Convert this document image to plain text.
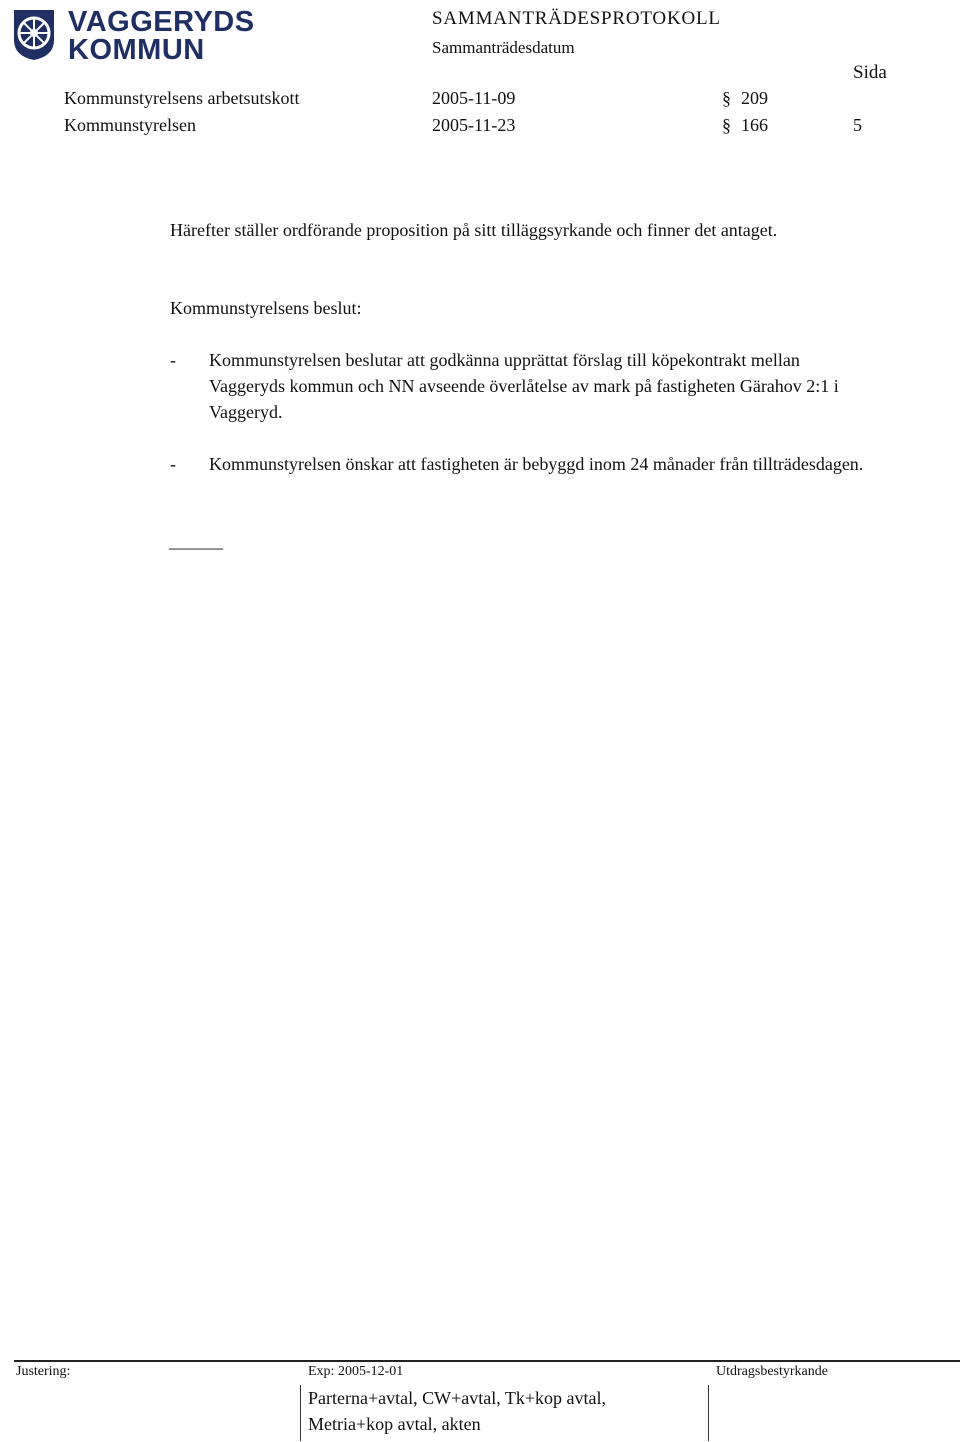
VAGGERYDS
KOMMUN
SAMMANTRÄDESPROTOKOLL
Sammanträdesdatum
Sida
Kommunstyrelsens arbetsutskott	2005-11-09	§ 209
Kommunstyrelsen	2005-11-23	§ 166	5
Härefter ställer ordförande proposition på sitt tilläggsyrkande och finner det antaget.
Kommunstyrelsens beslut:
- Kommunstyrelsen beslutar att godkänna upprättat förslag till köpekontrakt mellan Vaggeryds kommun och NN avseende överlåtelse av mark på fastigheten Gärahov 2:1 i Vaggeryd.
- Kommunstyrelsen önskar att fastigheten är bebyggd inom 24 månader från tillträdesdagen.
______
Justering:	Exp: 2005-12-01	Utdragsbestyrkande
Parterna+avtal, CW+avtal, Tk+kop avtal,
Metria+kop avtal, akten
